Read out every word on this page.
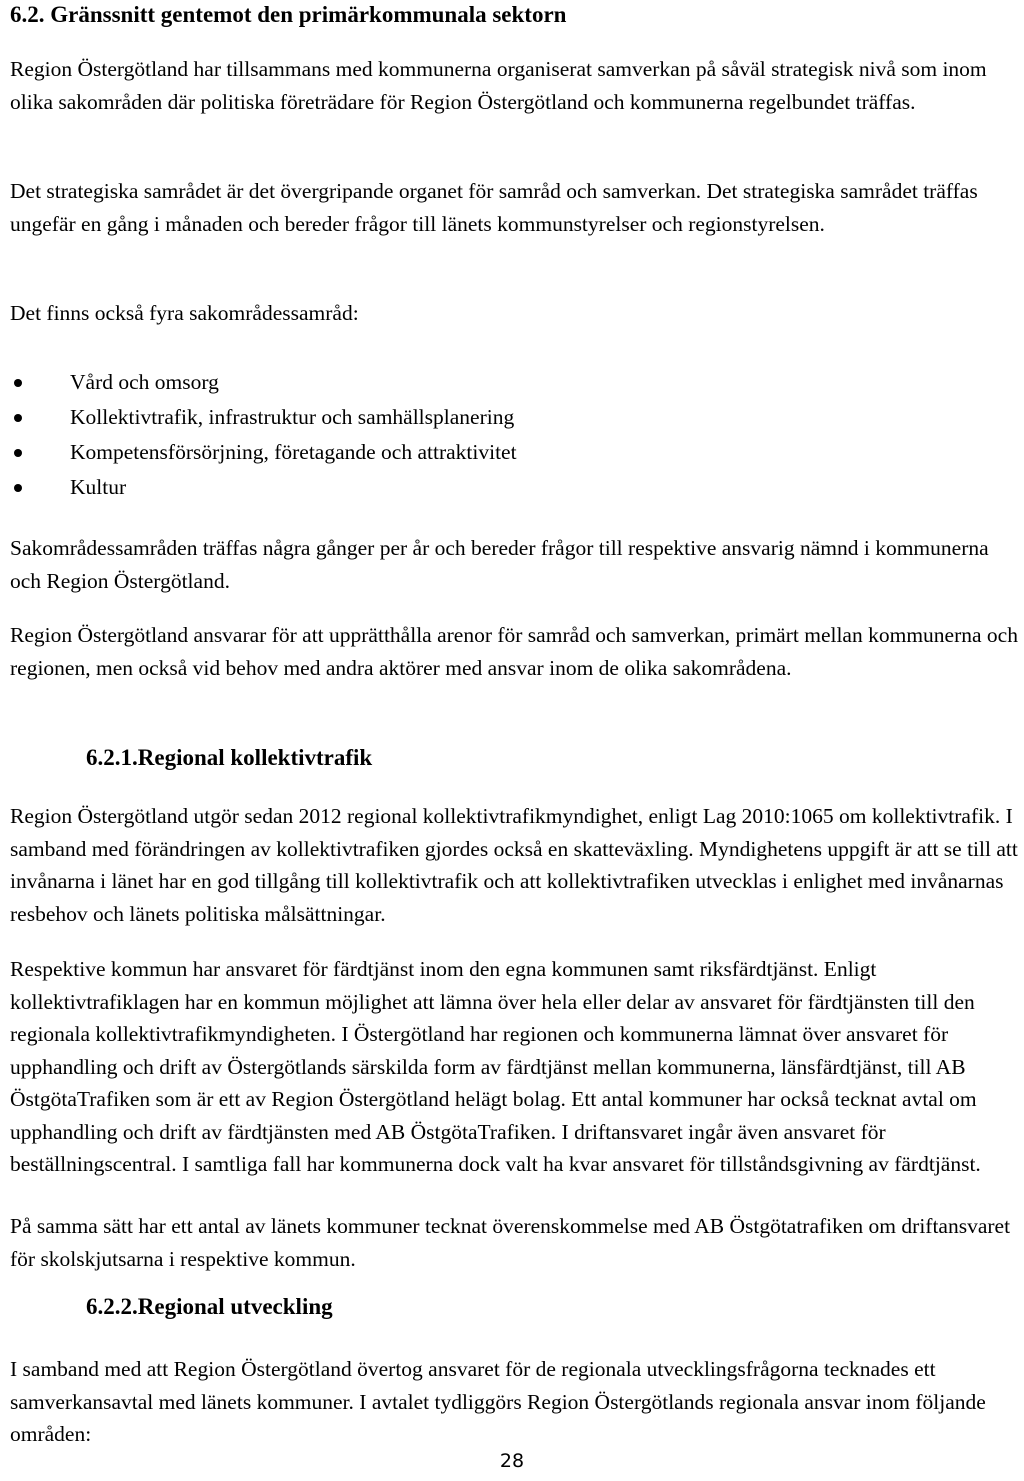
6.2. Gränssnitt gentemot den primärkommunala sektorn

Region Östergötland har tillsammans med kommunerna organiserat samverkan på såväl strategisk nivå som inom olika sakområden där politiska företrädare för Region Östergötland och kommunerna regelbundet träffas.

Det strategiska samrådet är det övergripande organet för samråd och samverkan. Det strategiska samrådet träffas ungefär en gång i månaden och bereder frågor till länets kommunstyrelser och regionstyrelsen.

Det finns också fyra sakområdessamråd:

Vård och omsorg
Kollektivtrafik, infrastruktur och samhällsplanering
Kompetensförsörjning, företagande och attraktivitet
Kultur

Sakområdessamråden träffas några gånger per år och bereder frågor till respektive ansvarig nämnd i kommunerna och Region Östergötland.

Region Östergötland ansvarar för att upprätthålla arenor för samråd och samverkan, primärt mellan kommunerna och regionen, men också vid behov med andra aktörer med ansvar inom de olika sakområdena.

6.2.1.Regional kollektivtrafik

Region Östergötland utgör sedan 2012 regional kollektivtrafikmyndighet, enligt Lag 2010:1065 om kollektivtrafik. I samband med förändringen av kollektivtrafiken gjordes också en skatteväxling. Myndighetens uppgift är att se till att invånarna i länet har en god tillgång till kollektivtrafik och att kollektivtrafiken utvecklas i enlighet med invånarnas resbehov och länets politiska målsättningar.

Respektive kommun har ansvaret för färdtjänst inom den egna kommunen samt riksfärdtjänst. Enligt kollektivtrafiklagen har en kommun möjlighet att lämna över hela eller delar av ansvaret för färdtjänsten till den regionala kollektivtrafikmyndigheten. I Östergötland har regionen och kommunerna lämnat över ansvaret för upphandling och drift av Östergötlands särskilda form av färdtjänst mellan kommunerna, länsfärdtjänst, till AB ÖstgötaTrafiken som är ett av Region Östergötland helägt bolag. Ett antal kommuner har också tecknat avtal om upphandling och drift av färdtjänsten med AB ÖstgötaTrafiken. I driftansvaret ingår även ansvaret för beställningscentral. I samtliga fall har kommunerna dock valt ha kvar ansvaret för tillståndsgivning av färdtjänst.

På samma sätt har ett antal av länets kommuner tecknat överenskommelse med AB Östgötatrafiken om driftansvaret för skolskjutsarna i respektive kommun.

6.2.2.Regional utveckling

I samband med att Region Östergötland övertog ansvaret för de regionala utvecklingsfrågorna tecknades ett samverkansavtal med länets kommuner. I avtalet tydliggörs Region Östergötlands regionala ansvar inom följande områden:

28
